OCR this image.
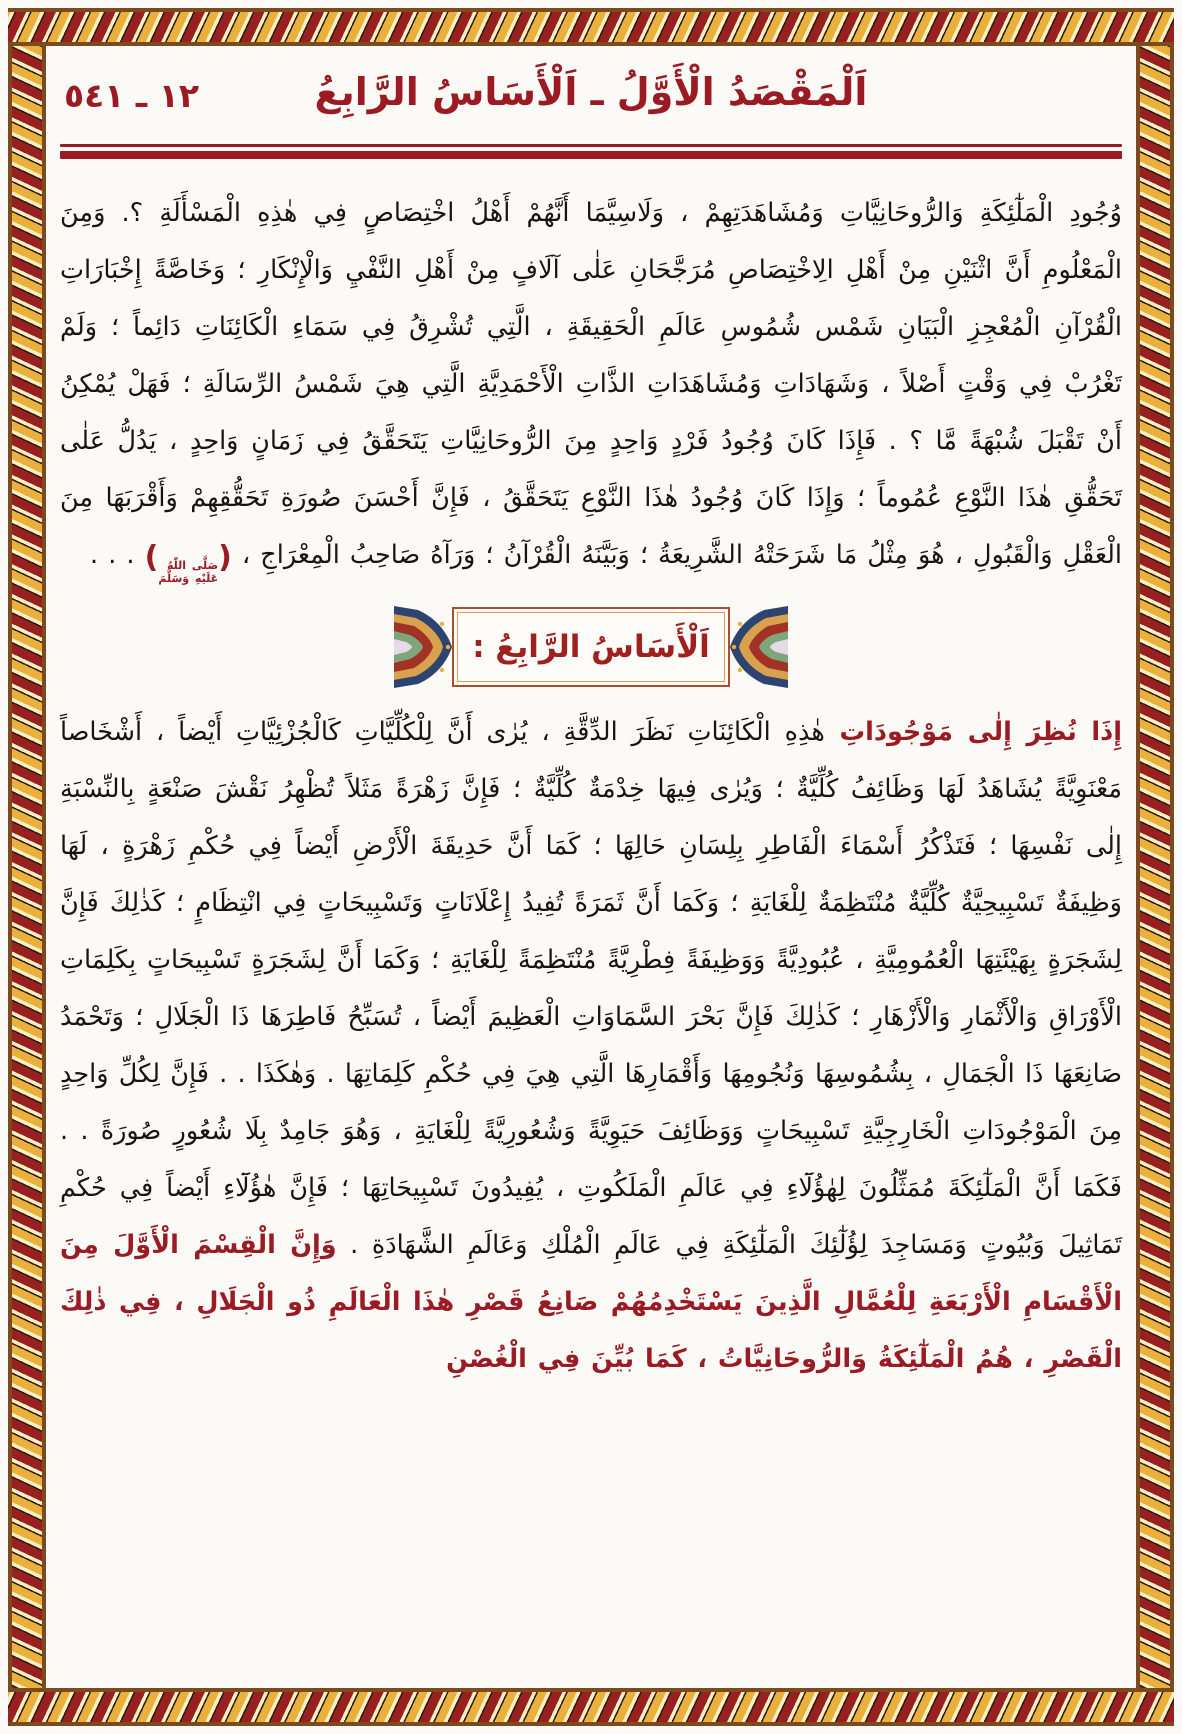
اَلْمَقْصَدُ الْأَوَّلُ ـ اَلْأَسَاسُ الرَّابِعُ
١٢ ـ ٥٤١

وُجُودِ الْمَلٰٓئِكَةِ وَالرُّوحَانِيَّاتِ وَمُشَاهَدَتِهِمْ ، وَلَاسِيَّمَا أَنَّهُمْ أَهْلُ اخْتِصَاصٍ فِي هٰذِهِ الْمَسْأَلَةِ ؟. وَمِنَ الْمَعْلُومِ أَنَّ اثْنَيْنِ مِنْ أَهْلِ الِاخْتِصَاصِ مُرَجَّحَانِ عَلٰى آلَافٍ مِنْ أَهْلِ النَّفْيِ وَالْإِنْكَارِ ؛ وَخَاصَّةً إِخْبَارَاتِ الْقُرْآنِ الْمُعْجِزِ الْبَيَانِ شَمْس شُمُوسِ عَالَمِ الْحَقِيقَةِ ، الَّتِي تُشْرِقُ فِي سَمَاءِ الْكَائِنَاتِ دَائِماً ؛ وَلَمْ تَغْرُبْ فِي وَقْتٍ أَصْلاً ، وَشَهَادَاتِ وَمُشَاهَدَاتِ الذَّاتِ الْأَحْمَدِيَّةِ الَّتِي هِيَ شَمْسُ الرِّسَالَةِ ؛ فَهَلْ يُمْكِنُ أَنْ تَقْبَلَ شُبْهَةً مَّا ؟ . فَإِذَا كَانَ وُجُودُ فَرْدٍ وَاحِدٍ مِنَ الرُّوحَانِيَّاتِ يَتَحَقَّقُ فِي زَمَانٍ وَاحِدٍ ، يَدُلُّ عَلٰى تَحَقُّقِ هٰذَا النَّوْعِ عُمُوماً ؛ وَإِذَا كَانَ وُجُودُ هٰذَا النَّوْعِ يَتَحَقَّقُ ، فَإِنَّ أَحْسَنَ صُورَةِ تَحَقُّقِهِمْ وَأَقْرَبَهَا مِنَ الْعَقْلِ وَالْقَبُولِ ، هُوَ مِثْلُ مَا شَرَحَتْهُ الشَّرِيعَةُ ؛ وَبَيَّنَهُ الْقُرْآنُ ؛ وَرَآهُ صَاحِبُ الْمِعْرَاجِ ، (
صَلَّى اللّٰهُ
عَلَيْهِ وَسَلَّمَ
) . . .

اَلْأَسَاسُ الرَّابِعُ :

إِذَا نُظِرَ إِلٰى مَوْجُودَاتِ هٰذِهِ الْكَائِنَاتِ نَظَرَ الدِّقَّةِ ، يُرٰى أَنَّ لِلْكُلِّيَّاتِ كَالْجُزْئِيَّاتِ أَيْضاً ، أَشْخَاصاً مَعْنَوِيَّةً يُشَاهَدُ لَهَا وَظَائِفُ كُلِّيَّةٌ ؛ وَيُرٰى فِيهَا خِدْمَةٌ كُلِّيَّةٌ ؛ فَإِنَّ زَهْرَةً مَثَلاً تُظْهِرُ نَقْشَ صَنْعَةٍ بِالنِّسْبَةِ إِلٰى نَفْسِهَا ؛ فَتَذْكُرُ أَسْمَاءَ الْفَاطِرِ بِلِسَانِ حَالِهَا ؛ كَمَا أَنَّ حَدِيقَةَ الْأَرْضِ أَيْضاً فِي حُكْمِ زَهْرَةٍ ، لَهَا وَظِيفَةٌ تَسْبِيحِيَّةٌ كُلِّيَّةٌ مُنْتَظِمَةٌ لِلْغَايَةِ ؛ وَكَمَا أَنَّ ثَمَرَةً تُفِيدُ إِعْلَانَاتٍ وَتَسْبِيحَاتٍ فِي انْتِظَامٍ ؛ كَذٰلِكَ فَإِنَّ لِشَجَرَةٍ بِهَيْئَتِهَا الْعُمُومِيَّةِ ، عُبُودِيَّةً وَوَظِيفَةً فِطْرِيَّةً مُنْتَظِمَةً لِلْغَايَةِ ؛ وَكَمَا أَنَّ لِشَجَرَةٍ تَسْبِيحَاتٍ بِكَلِمَاتِ الْأَوْرَاقِ وَالْأَثْمَارِ وَالْأَزْهَارِ ؛ كَذٰلِكَ فَإِنَّ بَحْرَ السَّمَاوَاتِ الْعَظِيمَ أَيْضاً ، تُسَبِّحُ فَاطِرَهَا ذَا الْجَلَالِ ؛ وَتَحْمَدُ صَانِعَهَا ذَا الْجَمَالِ ، بِشُمُوسِهَا وَنُجُومِهَا وَأَقْمَارِهَا الَّتِي هِيَ فِي حُكْمِ كَلِمَاتِهَا . وَهٰكَذَا . . فَإِنَّ لِكُلِّ وَاحِدٍ مِنَ الْمَوْجُودَاتِ الْخَارِجِيَّةِ تَسْبِيحَاتٍ وَوَظَائِفَ حَيَوِيَّةً وَشُعُورِيَّةً لِلْغَايَةِ ، وَهُوَ جَامِدٌ بِلَا شُعُورٍ صُورَةً . . فَكَمَا أَنَّ الْمَلٰٓئِكَةَ مُمَثِّلُونَ لِهٰؤُلَٓاءِ فِي عَالَمِ الْمَلَكُوتِ ، يُفِيدُونَ تَسْبِيحَاتِهَا ؛ فَإِنَّ هٰؤُلَٓاءِ أَيْضاً فِي حُكْمِ تَمَاثِيلَ وَبُيُوتٍ وَمَسَاجِدَ لِؤُلٰٓئِكَ الْمَلٰٓئِكَةِ فِي عَالَمِ الْمُلْكِ وَعَالَمِ الشَّهَادَةِ . وَإِنَّ الْقِسْمَ الْأَوَّلَ مِنَ الْأَقْسَامِ الْأَرْبَعَةِ لِلْعُمَّالِ الَّذِينَ يَسْتَخْدِمُهُمْ صَانِعُ قَصْرِ هٰذَا الْعَالَمِ ذُو الْجَلَالِ ، فِي ذٰلِكَ الْقَصْرِ ، هُمُ الْمَلٰٓئِكَةُ وَالرُّوحَانِيَّاتُ ، كَمَا بُيِّنَ فِي الْغُصْنِ
